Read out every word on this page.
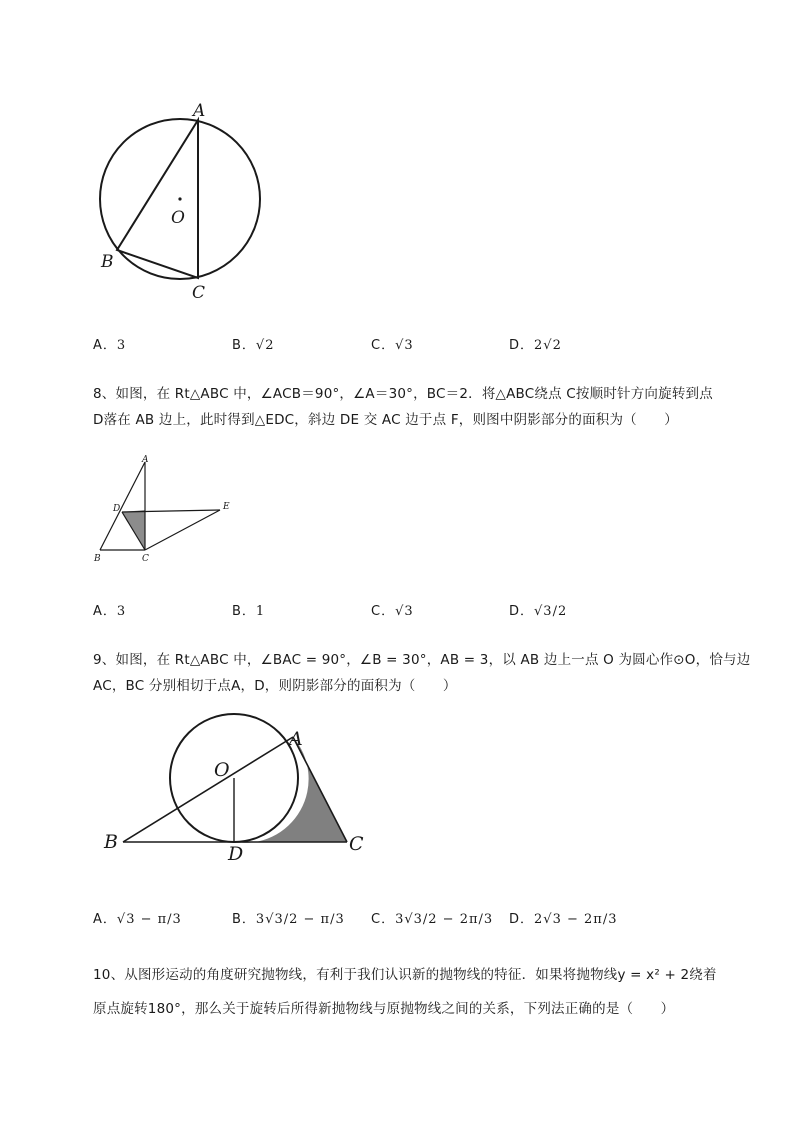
A
B
C
O
A．3	B．√2	C．√3	D．2√2
8、如图，在 Rt△ABC 中，∠ACB＝90°，∠A＝30°，BC＝2．将△ABC绕点 C按顺时针方向旋转到点
D落在 AB 边上，此时得到△EDC，斜边 DE 交 AC 边于点 F，则图中阴影部分的面积为（　　）
A
D	E
B	C
A．3	B．1	C．√3	D．√3/2
9、如图，在 Rt△ABC 中，∠BAC = 90°，∠B = 30°，AB = 3，以 AB 边上一点 O 为圆心作⊙O，恰与边
AC，BC 分别相切于点A，D，则阴影部分的面积为（　　）
A
O
B
D	C
A．√3 − π/3	B．3√3/2 − π/3 C．3√3/2 − 2π/3 D．2√3 − 2π/3
10、从图形运动的角度研究抛物线，有利于我们认识新的抛物线的特征．如果将抛物线y = x² + 2绕着
原点旋转180°，那么关于旋转后所得新抛物线与原抛物线之间的关系，下列法正确的是（　　）
